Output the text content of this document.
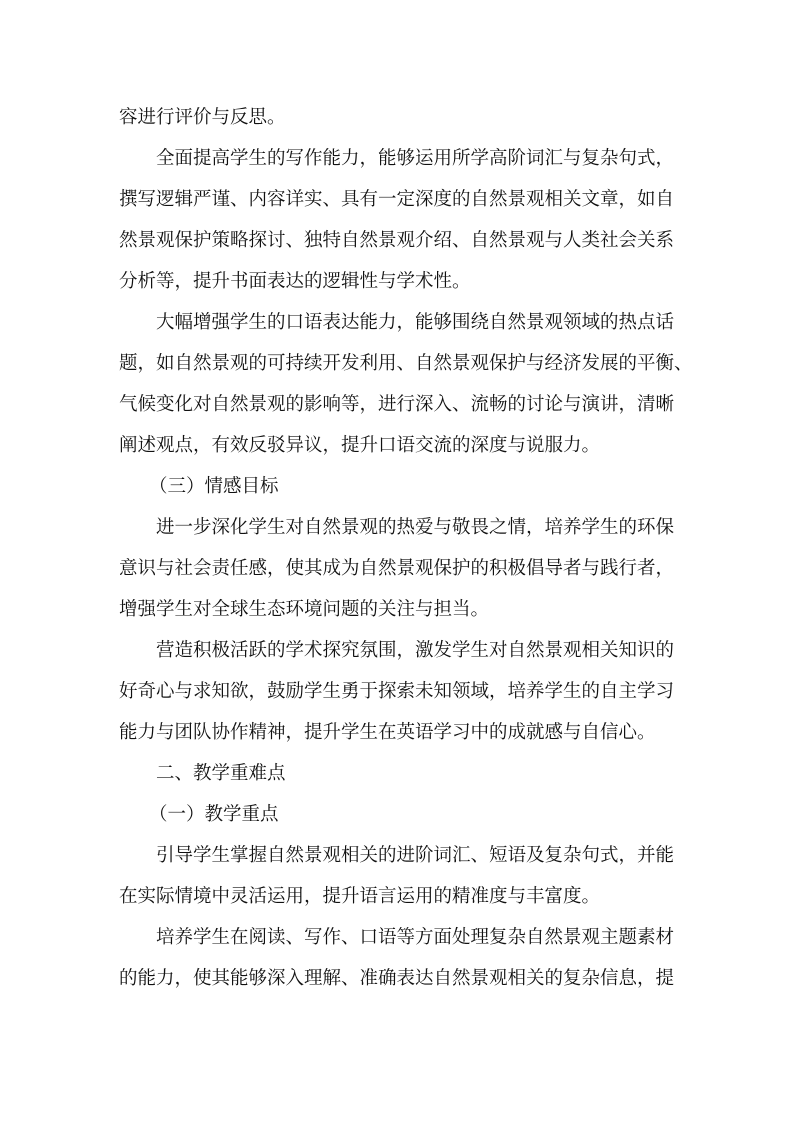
容进行评价与反思。
全面提高学生的写作能力，能够运用所学高阶词汇与复杂句式，
撰写逻辑严谨、内容详实、具有一定深度的自然景观相关文章，如自
然景观保护策略探讨、独特自然景观介绍、自然景观与人类社会关系
分析等，提升书面表达的逻辑性与学术性。
大幅增强学生的口语表达能力，能够围绕自然景观领域的热点话
题，如自然景观的可持续开发利用、自然景观保护与经济发展的平衡、
气候变化对自然景观的影响等，进行深入、流畅的讨论与演讲，清晰
阐述观点，有效反驳异议，提升口语交流的深度与说服力。
（三）情感目标
进一步深化学生对自然景观的热爱与敬畏之情，培养学生的环保
意识与社会责任感，使其成为自然景观保护的积极倡导者与践行者，
增强学生对全球生态环境问题的关注与担当。
营造积极活跃的学术探究氛围，激发学生对自然景观相关知识的
好奇心与求知欲，鼓励学生勇于探索未知领域，培养学生的自主学习
能力与团队协作精神，提升学生在英语学习中的成就感与自信心。
二、教学重难点
（一）教学重点
引导学生掌握自然景观相关的进阶词汇、短语及复杂句式，并能
在实际情境中灵活运用，提升语言运用的精准度与丰富度。
培养学生在阅读、写作、口语等方面处理复杂自然景观主题素材
的能力，使其能够深入理解、准确表达自然景观相关的复杂信息，提
